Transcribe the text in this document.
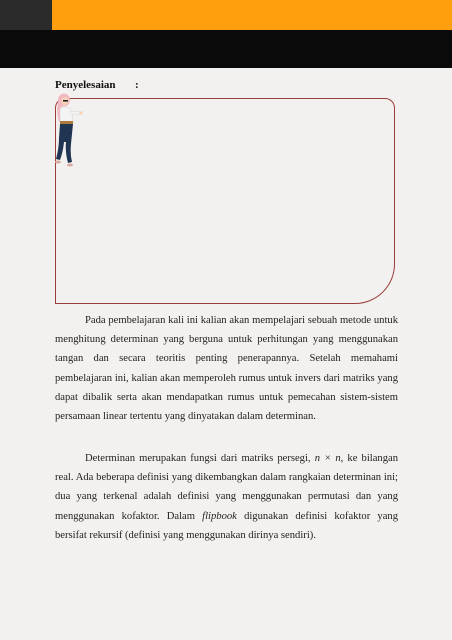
Penyelesaian :

Pada pembelajaran kali ini kalian akan mempelajari sebuah metode untuk menghitung determinan yang berguna untuk perhitungan yang menggunakan tangan dan secara teoritis penting penerapannya. Setelah memahami pembelajaran ini, kalian akan memperoleh rumus untuk invers dari matriks yang dapat dibalik serta akan mendapatkan rumus untuk pemecahan sistem-sistem persamaan linear tertentu yang dinyatakan dalam determinan.

Determinan merupakan fungsi dari matriks persegi, n × n, ke bilangan real. Ada beberapa definisi yang dikembangkan dalam rangkaian determinan ini; dua yang terkenal adalah definisi yang menggunakan permutasi dan yang menggunakan kofaktor. Dalam flipbook digunakan definisi kofaktor yang bersifat rekursif (definisi yang menggunakan dirinya sendiri).
